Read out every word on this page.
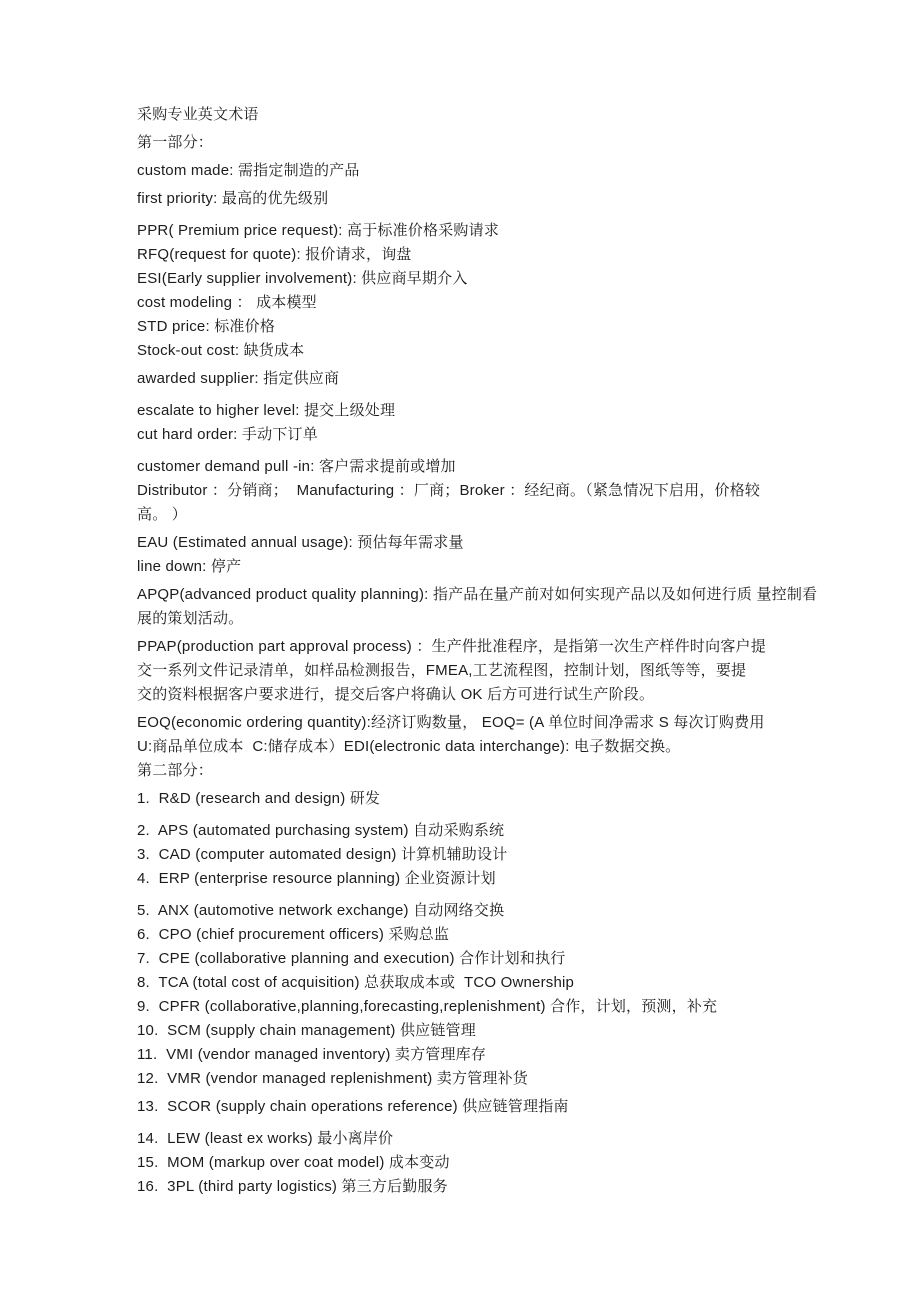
采购专业英文术语
第一部分：
custom made: 需指定制造的产品
first priority: 最高的优先级别
PPR( Premium price request): 高于标准价格采购请求
RFQ(request for quote): 报价请求，询盘
ESI(Early supplier involvement): 供应商早期介入
cost modeling ： 成本模型
STD price: 标准价格
Stock-out cost: 缺货成本
awarded supplier: 指定供应商
escalate to higher level: 提交上级处理
cut hard order: 手动下订单
customer demand pull -in: 客户需求提前或增加
Distributor ：分销商；  Manufacturing ：厂商；Broker ：经纪商。（紧急情况下启用，价格较
高。 ）
EAU (Estimated annual usage): 预估每年需求量
line down: 停产
APQP(advanced product quality planning): 指产品在量产前对如何实现产品以及如何进行质 量控制看
展的策划活动。
PPAP(production part approval process) ：生产件批准程序，是指第一次生产样件时向客户提
交一系列文件记录清单，如样品检测报告，FMEA,工艺流程图，控制计划，图纸等等，要提
交的资料根据客户要求进行，提交后客户将确认 OK 后方可进行试生产阶段。
EOQ(economic ordering quantity):经济订购数量， EOQ= (A 单位时间净需求 S 每次订购费用
U:商品单位成本  C:储存成本）EDI(electronic data interchange): 电子数据交换。
第二部分：
1.  R&D (research and design) 研发
2.  APS (automated purchasing system) 自动采购系统
3.  CAD (computer automated design) 计算机辅助设计
4.  ERP (enterprise resource planning) 企业资源计划
5.  ANX (automotive network exchange) 自动网络交换
6.  CPO (chief procurement officers) 采购总监
7.  CPE (collaborative planning and execution) 合作计划和执行
8.  TCA (total cost of acquisition) 总获取成本或  TCO Ownership
9.  CPFR (collaborative,planning,forecasting,replenishment) 合作，计划，预测，补充
10.  SCM (supply chain management) 供应链管理
11.  VMI (vendor managed inventory) 卖方管理库存
12.  VMR (vendor managed replenishment) 卖方管理补货
13.  SCOR (supply chain operations reference) 供应链管理指南
14.  LEW (least ex works) 最小离岸价
15.  MOM (markup over coat model) 成本变动
16.  3PL (third party logistics) 第三方后勤服务
